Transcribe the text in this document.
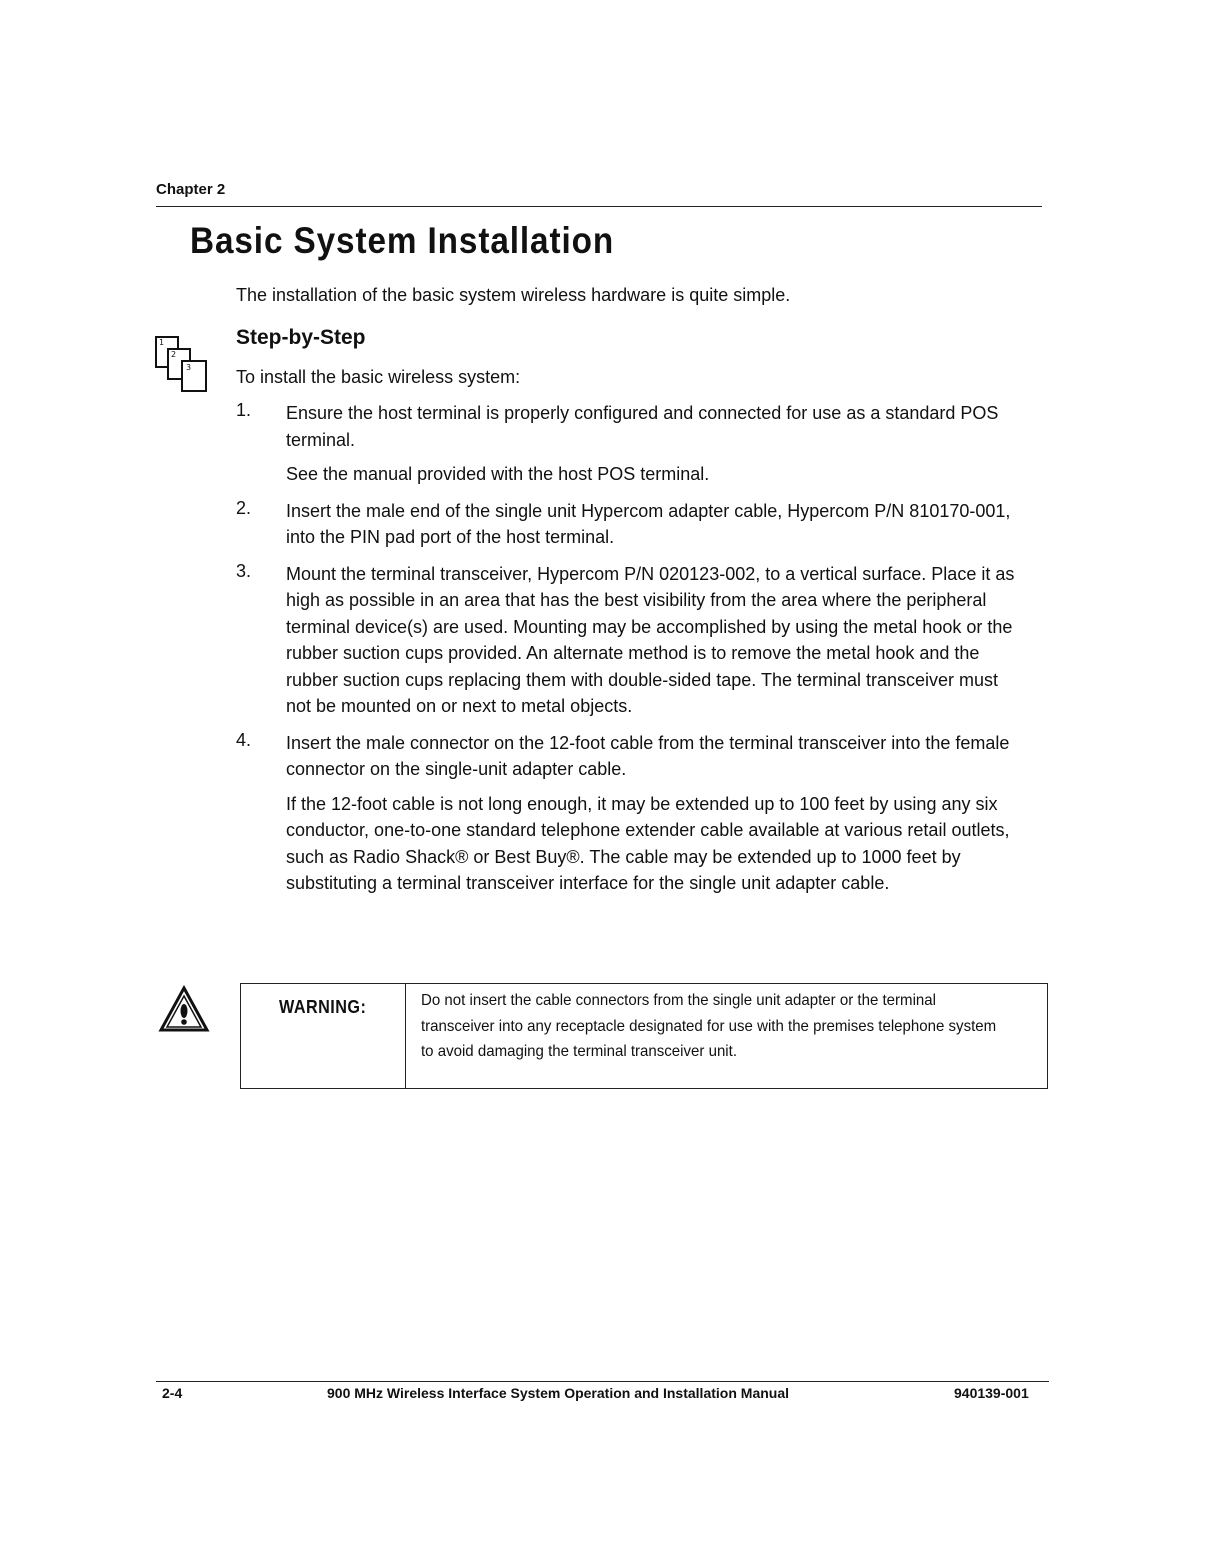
Chapter 2
Basic System Installation
The installation of the basic system wireless hardware is quite simple.
1
2
3
Step-by-Step
To install the basic wireless system:
1. Ensure the host terminal is properly configured and connected for use as a standard POS terminal.

See the manual provided with the host POS terminal.

2. Insert the male end of the single unit Hypercom adapter cable, Hypercom P/N 810170-001, into the PIN pad port of the host terminal.

3. Mount the terminal transceiver, Hypercom P/N 020123-002, to a vertical surface. Place it as high as possible in an area that has the best visibility from the area where the peripheral terminal device(s) are used. Mounting may be accomplished by using the metal hook or the rubber suction cups provided. An alternate method is to remove the metal hook and the rubber suction cups replacing them with double-sided tape. The terminal transceiver must not be mounted on or next to metal objects.

4. Insert the male connector on the 12-foot cable from the terminal transceiver into the female connector on the single-unit adapter cable.

If the 12-foot cable is not long enough, it may be extended up to 100 feet by using any six conductor, one-to-one standard telephone extender cable available at various retail outlets, such as Radio Shack® or Best Buy®. The cable may be extended up to 1000 feet by substituting a terminal transceiver interface for the single unit adapter cable.

WARNING:	Do not insert the cable connectors from the single unit adapter or the terminal transceiver into any receptacle designated for use with the premises telephone system to avoid damaging the terminal transceiver unit.
2-4	900 MHz Wireless Interface System Operation and Installation Manual	940139-001
